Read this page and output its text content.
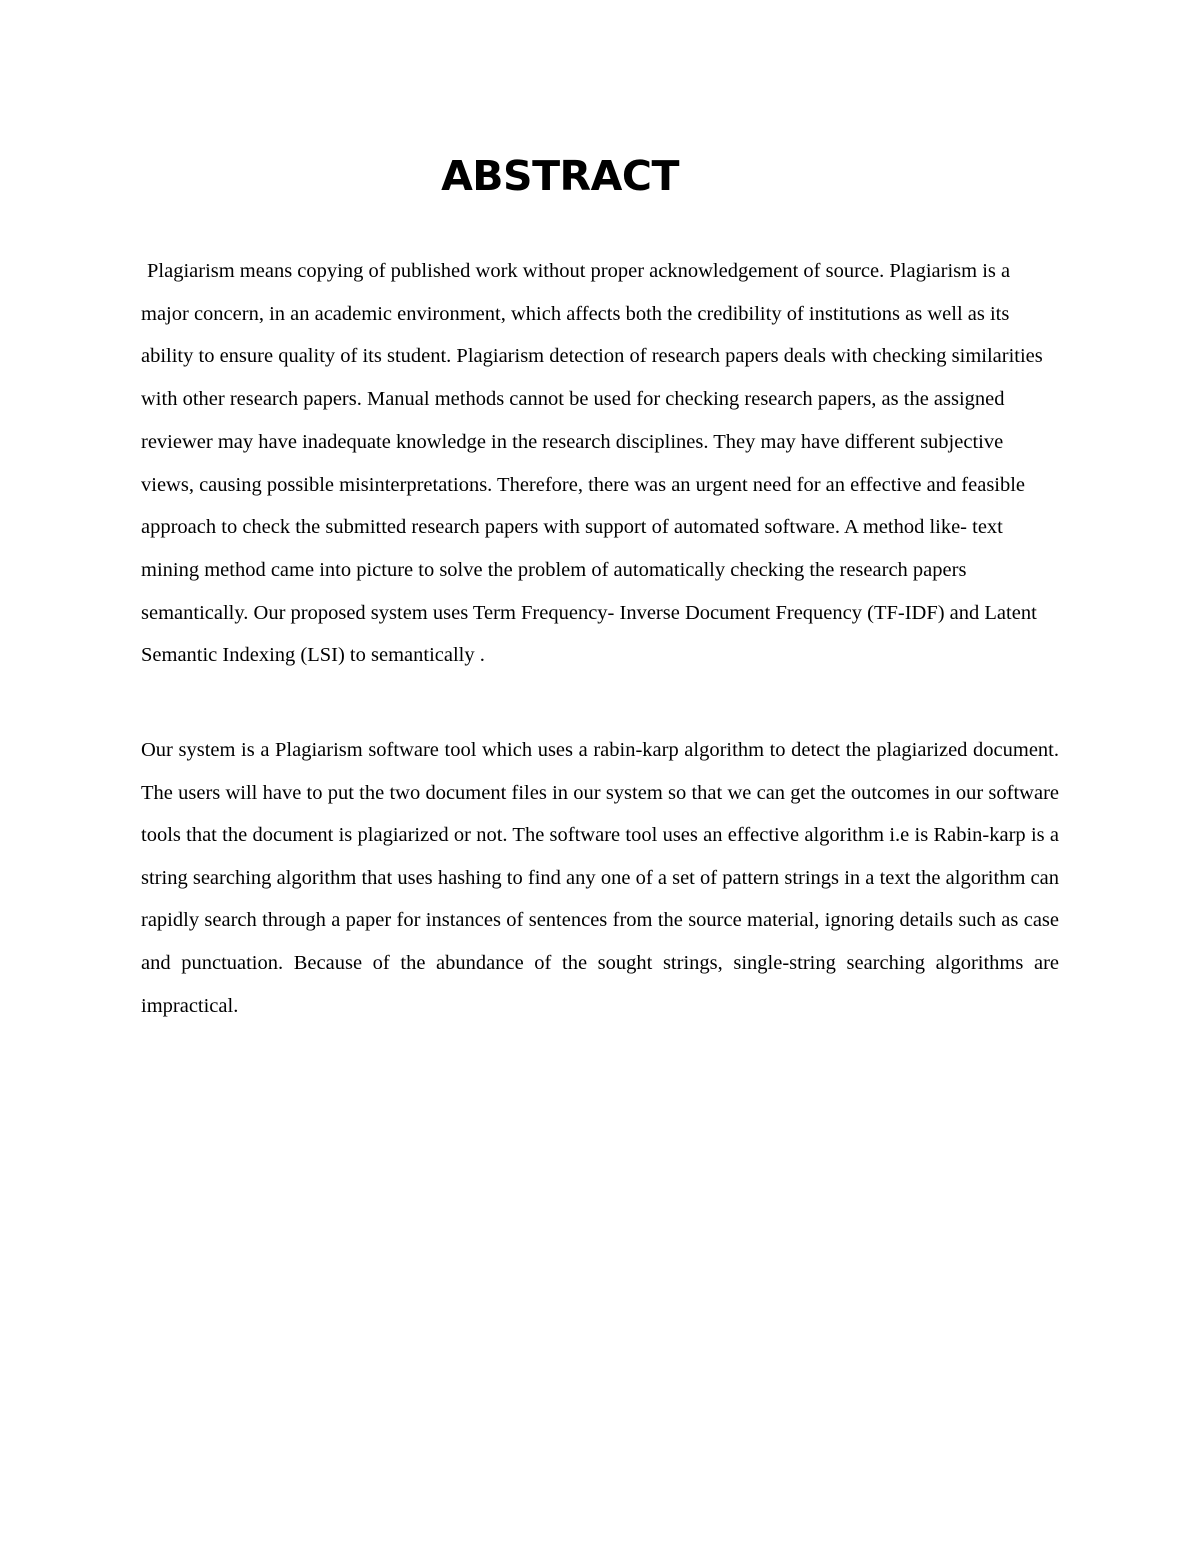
ABSTRACT

Plagiarism means copying of published work without proper acknowledgement of source. Plagiarism is a major concern, in an academic environment, which affects both the credibility of institutions as well as its ability to ensure quality of its student. Plagiarism detection of research papers deals with checking similarities with other research papers. Manual methods cannot be used for checking research papers, as the assigned reviewer may have inadequate knowledge in the research disciplines. They may have different subjective views, causing possible misinterpretations. Therefore, there was an urgent need for an effective and feasible approach to check the submitted research papers with support of automated software. A method like- text mining method came into picture to solve the problem of automatically checking the research papers semantically. Our proposed system uses Term Frequency- Inverse Document Frequency (TF-IDF) and Latent Semantic Indexing (LSI) to semantically .

Our system is a Plagiarism software tool which uses a rabin-karp algorithm to detect the plagiarized document. The users will have to put the two document files in our system so that we can get the outcomes in our software tools that the document is plagiarized or not. The software tool uses an effective algorithm i.e is Rabin-karp is a string searching algorithm that uses hashing to find any one of a set of pattern strings in a text the algorithm can rapidly search through a paper for instances of sentences from the source material, ignoring details such as case and punctuation. Because of the abundance of the sought strings, single-string searching algorithms are impractical.
